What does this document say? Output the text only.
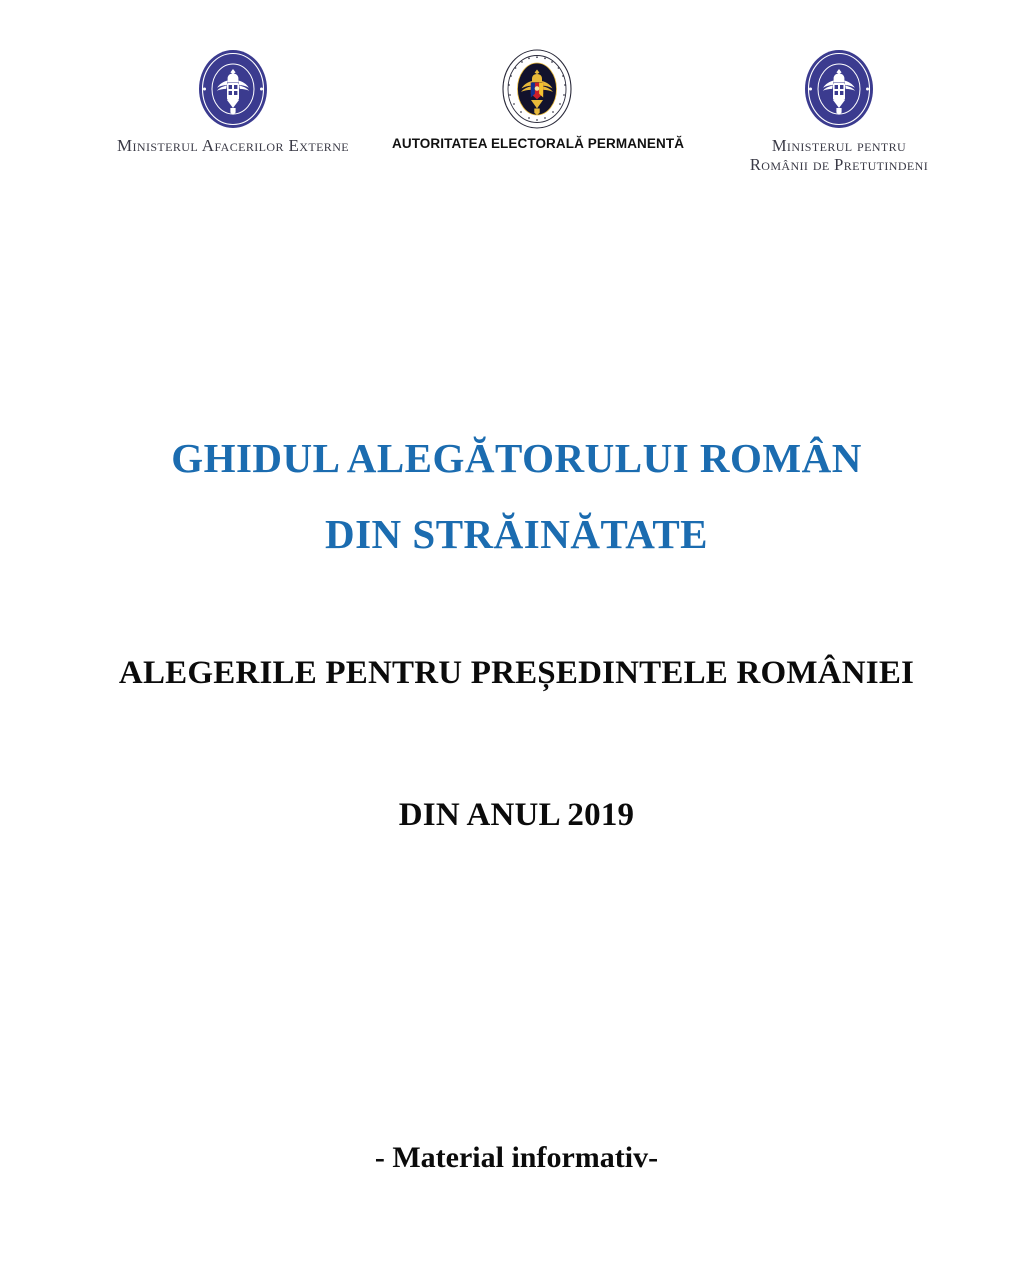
Ministerul Afacerilor Externe	AUTORITATEA ELECTORALĂ PERMANENTĂ	Ministerul pentru
Românii de Pretutindeni
GHIDUL ALEGĂTORULUI ROMÂN
DIN STRĂINĂTATE
ALEGERILE PENTRU PREȘEDINTELE ROMÂNIEI
DIN ANUL 2019
- Material informativ-
